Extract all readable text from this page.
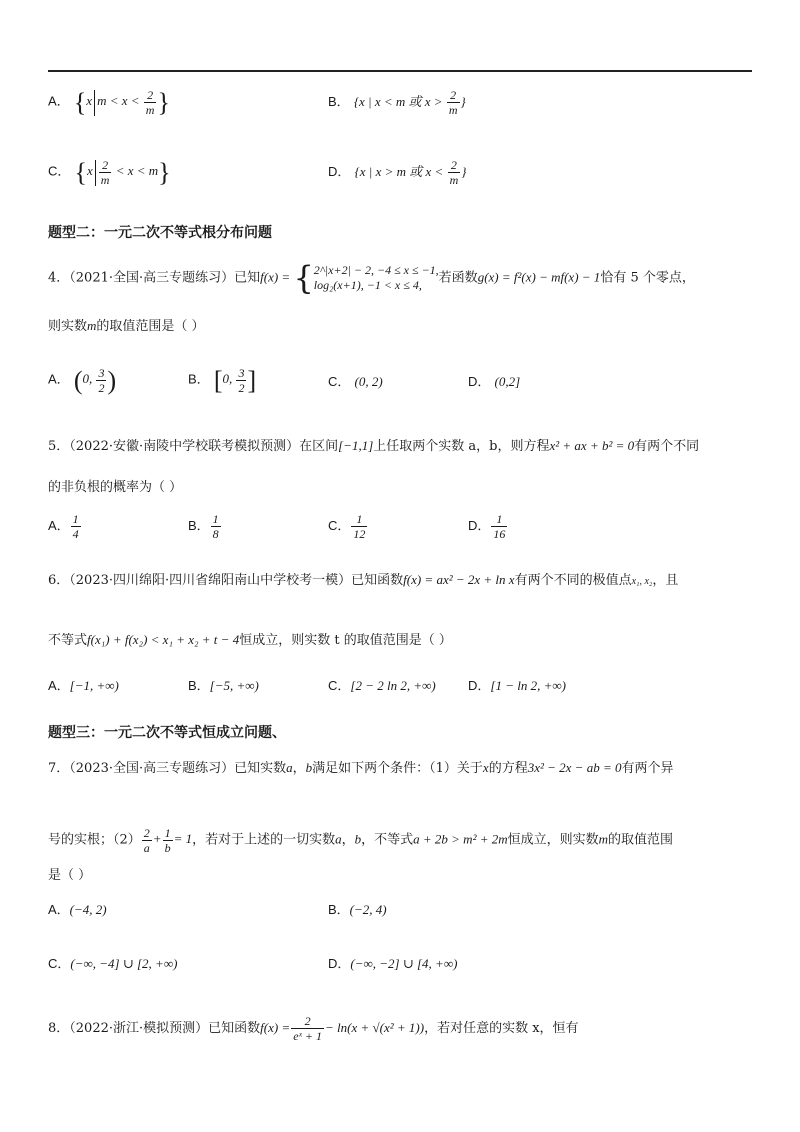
A． {x $m < x < \frac{2}{m}$ }	B． {x | x < m 或 $x > \frac{2}{m}$ }
C． $\{x \frac{2}{m} < x < m\}$	D． {x | x > m 或 $x < \frac{2}{m}$ }
题型二：一元二次不等式根分布问题
4．（2021·全国·高三专题练习）已知f(x) = {2^|x+2| − 2, −4 ≤ x ≤ −1,
log₂(x+1), −1 < x ≤ 4, 若函数g(x) = f²(x) − mf(x) − 1恰有 5 个零点，
则实数m的取值范围是（ ）
A． (0, $\frac{3}{2}$ )	B． [0, $\frac{3}{2}$ ]	C． (0, 2)	D． (0,2]
5．（2022·安徽·南陵中学校联考模拟预测）在区间[−1,1]上任取两个实数 a，b，则方程x² + ax + b² = 0有两个不同
的非负根的概率为（ ）
A． $\frac{1}{4}$	B． $\frac{1}{8}$	C． $\frac{1}{12}$	D． $\frac{1}{16}$
6．（2023·四川绵阳·四川省绵阳南山中学校考一模）已知函数f(x) = ax² − 2x + ln x有两个不同的极值点x₁, x₂，且
不等式f(x₁) + f(x₂) < x₁ + x₂ + t − 4恒成立，则实数 t 的取值范围是（ ）
A．[−1, +∞)	B．[−5, +∞)	C．[2 − 2 ln 2, +∞) D．[1 − ln 2, +∞)
题型三：一元二次不等式恒成立问题、
7．（2023·全国·高三专题练习）已知实数a，b满足如下两个条件：（1）关于x的方程3x² − 2x − ab = 0有两个异
号的实根；$(2) \frac{2}{a} + \frac{1}{b} = 1$，若对于上述的一切实数a，b，不等式a + 2b > m² + 2m恒成立，则实数m的取值范围
是（ ）
A．(−4, 2)	B．(−2, 4)
C．(−∞, −4] ∪ [2, +∞)	D．(−∞, −2] ∪ [4, +∞)
8．（2022·浙江·模拟预测）已知函数$f(x) = \frac{2}{\text{eˣ + 1}} - \ln(x + √(x^2 + 1))$，若对任意的实数 x，恒有
